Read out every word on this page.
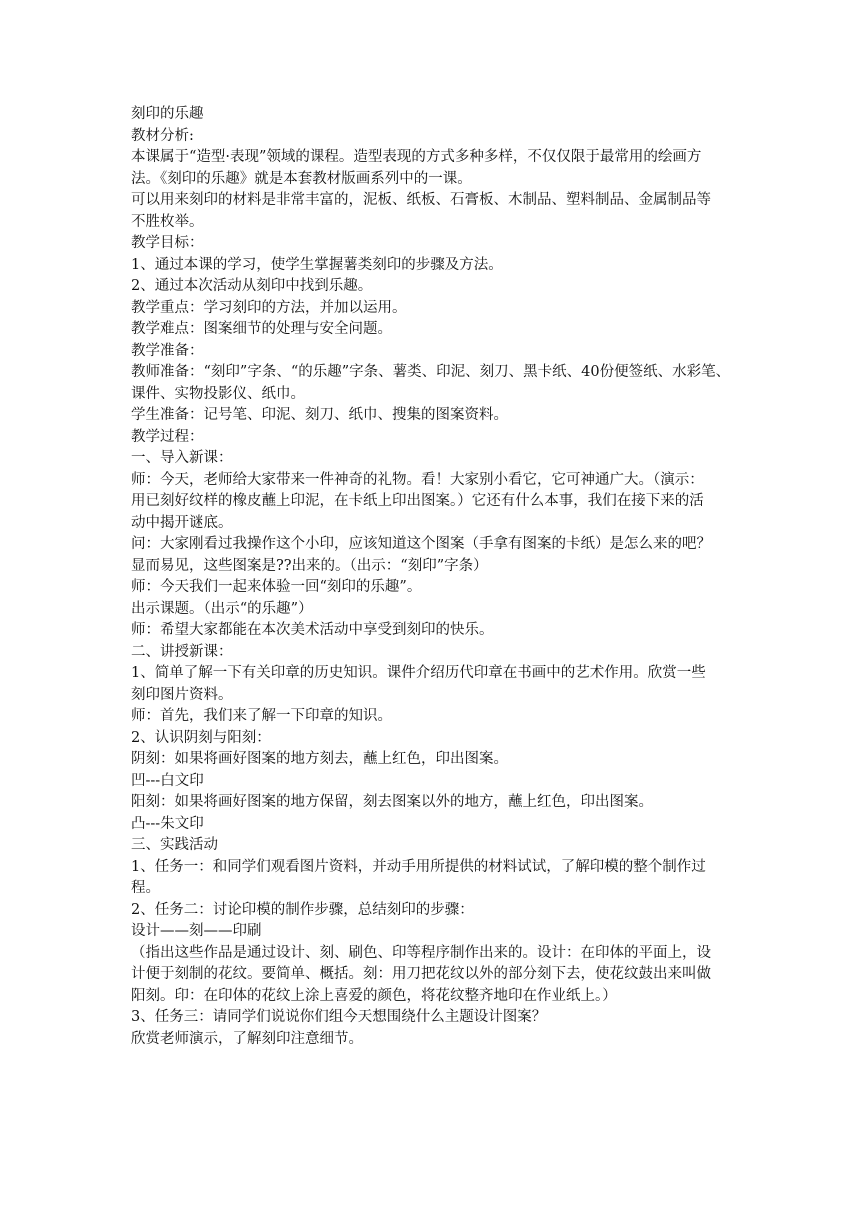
刻印的乐趣

教材分析:

本课属于“造型·表现”领域的课程。造型表现的方式多种多样，不仅仅限于最常用的绘画方

法。《刻印的乐趣》就是本套教材版画系列中的一课。

可以用来刻印的材料是非常丰富的，泥板、纸板、石膏板、木制品、塑料制品、金属制品等

不胜枚举。

教学目标：

1、通过本课的学习，使学生掌握薯类刻印的步骤及方法。

2、通过本次活动从刻印中找到乐趣。

教学重点：学习刻印的方法，并加以运用。

教学难点：图案细节的处理与安全问题。

教学准备：

教师准备：“刻印”字条、“的乐趣”字条、薯类、印泥、刻刀、黑卡纸、40份便签纸、水彩笔、

课件、实物投影仪、纸巾。

学生准备：记号笔、印泥、刻刀、纸巾、搜集的图案资料。

教学过程：

一、导入新课：

师：今天，老师给大家带来一件神奇的礼物。看！大家别小看它，它可神通广大。（演示：

用已刻好纹样的橡皮蘸上印泥，在卡纸上印出图案。）它还有什么本事，我们在接下来的活

动中揭开谜底。

问：大家刚看过我操作这个小印，应该知道这个图案（手拿有图案的卡纸）是怎么来的吧？

显而易见，这些图案是??出来的。（出示：“刻印”字条）

师：今天我们一起来体验一回“刻印的乐趣”。

出示课题。（出示“的乐趣”）

师：希望大家都能在本次美术活动中享受到刻印的快乐。

二、讲授新课：

1、简单了解一下有关印章的历史知识。课件介绍历代印章在书画中的艺术作用。欣赏一些

刻印图片资料。

师：首先，我们来了解一下印章的知识。

2、认识阴刻与阳刻：

阴刻：如果将画好图案的地方刻去，蘸上红色，印出图案。

凹---白文印

阳刻：如果将画好图案的地方保留，刻去图案以外的地方，蘸上红色，印出图案。

凸---朱文印

三、实践活动

1、任务一：和同学们观看图片资料，并动手用所提供的材料试试，了解印模的整个制作过

程。

2、任务二：讨论印模的制作步骤，总结刻印的步骤：

设计——刻——印刷

（指出这些作品是通过设计、刻、刷色、印等程序制作出来的。设计：在印体的平面上，设

计便于刻制的花纹。要简单、概括。刻：用刀把花纹以外的部分刻下去，使花纹鼓出来叫做

阳刻。印：在印体的花纹上涂上喜爱的颜色，将花纹整齐地印在作业纸上。）

3、任务三：请同学们说说你们组今天想围绕什么主题设计图案？

欣赏老师演示，了解刻印注意细节。
